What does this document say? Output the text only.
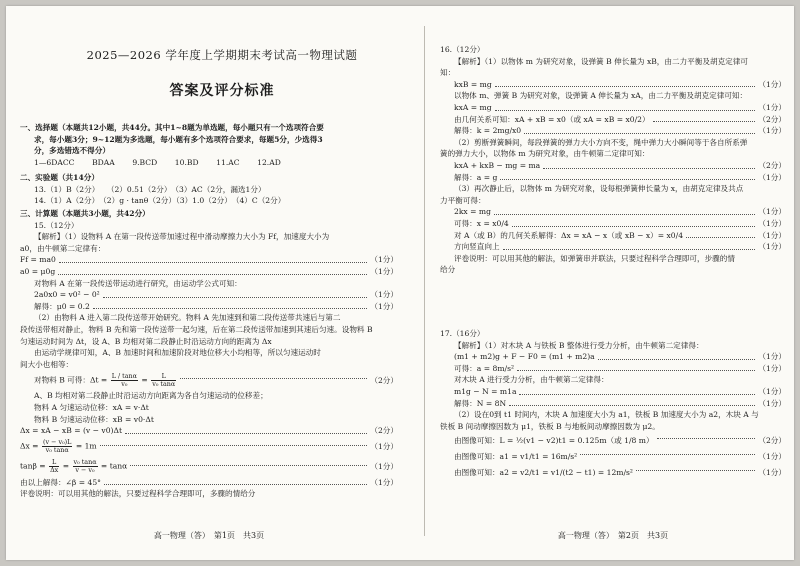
2025—2026 学年度上学期期末考试高一物理试题
答案及评分标准
一、选择题（本题共12小题，共44分。其中1~8题为单选题，每小题只有一个选项符合要
求，每小题3分；9~12题为多选题，每小题有多个选项符合要求，每题5分，少选得3
分，多选错选不得分）
1—6DACC　　 BDAA　　 9.BCD　　 10.BD　　 11.AC　　 12.AD
二、实验题（共14分）
13.（1）B（2分）　　（2）0.51（2分）　（3）AC（2分，漏选1分）
14.（1）A（2分）　（2）g · tanθ（2分）（3）1.0（2分）　（4）C（2分）
三、计算题（本题共3小题，共42分）
15.（12分）
【解析】（1）设物料 A 在第一段传送带加速过程中滑动摩擦力大小为 Ff，加速度大小为
a0，由牛顿第二定律有：
Ff = ma0	（1分）
a0 = μ0g	（1分）
对物料 A 在第一段传送带运动进行研究，由运动学公式可知：
2a0x0 = v0² − 0²	（1分）
解得：μ0 = 0.2	（1分）
（2）由物料 A 进入第二段传送带开始研究。物料 A 先加速到和第二段传送带共速后与第二
段传送带相对静止，物料 B 先和第一段传送带一起匀速，后在第二段传送带加速到其速后匀速。设物料 B
匀速运动时间为 Δt，设 A、B 均相对第二段静止时沿运动方向的距离为 Δx
由运动学规律可知，A、B 加速时间和加速阶段对地位移大小均相等，所以匀速运动时
间大小也相等：
对物料 B 可得：$\Delta t = \frac{L / \tan\alpha}{\text{v₀}} = \frac{L}{\text{v₀ tanα}}$	（2分）
A、B 均相对第二段静止时沿运动方向距离为各自匀速运动的位移差；
物料 A 匀速运动位移：xA = v·Δt
物料 B 匀速运动位移：xB = v0·Δt
Δx = xA − xB = (v − v0)Δt	（2分）
$\Delta x = \frac{\text{(v − v₀)L}}{\text{v₀ tanα}} = 1m$	（1分）
$\tan\beta = \frac{L}{\Delta x} = \frac{\text{v₀ tanα}}{\text{v − v₀}} = \tan\alpha$	（1分）
由以上解得：∠β = 45°	（1分）
评卷说明：可以用其他的解法，只要过程科学合理即可，多骤的情给分
高一物理（答）　第1页　共3页
16.（12分）
【解析】（1）以物体 m 为研究对象，设弹簧 B 伸长量为 xB，由二力平衡及胡克定律可
知：
kxB = mg	（1分）
以物体 m、弹簧 B 为研究对象，设弹簧 A 伸长量为 xA，由二力平衡及胡克定律可知：
kxA = mg	（1分）
由几何关系可知：xA + xB = x0（或 xA = xB = x0/2）	（2分）
解得：k = 2mg/x0	（1分）
（2）剪断弹簧瞬间，每段弹簧的弹力大小方向不变，绳中弹力大小瞬间等于各自所系弹
簧的弹力大小，以物体 m 为研究对象，由牛顿第二定律可知：
kxA + kxB − mg = ma	（2分）
解得：a = g	（1分）
（3）再次静止后，以物体 m 为研究对象，设每根弹簧伸长量为 x，由胡克定律及共点
力平衡可得：
2kx = mg	（1分）
可得：x = x0/4	（1分）
对 A（或 B）的几何关系解得：Δx = xA − x（或 xB − x）= x0/4	（1分）
方向竖直向上	（1分）
评卷说明：可以用其他的解法，如弹簧串并联法，只要过程科学合理即可，步骤的情
给分
17.（16分）
【解析】（1）对木块 A 与铁板 B 整体进行受力分析，由牛顿第二定律得：
(m1 + m2)g + F − F0 = (m1 + m2)a	（1分）
可得：a = 8m/s²	（1分）
对木块 A 进行受力分析，由牛顿第二定律得：
m1g − N = m1a	（1分）
解得：N = 8N	（1分）
（2）设在0到 t1 时间内，木块 A 加速度大小为 a1，铁板 B 加速度大小为 a2，木块 A 与
铁板 B 间动摩擦因数为 μ1，铁板 B 与地板间动摩擦因数为 μ2。
由图像可知：L = ½(v1 − v2)t1 = 0.125m（或 1/8 m）	（2分）
由图像可知：a1 = v1/t1 = 16m/s²	（1分）
由图像可知：a2 = v2/t1 = v1/(t2 − t1) = 12m/s²	（1分）
高一物理（答）　第2页　共3页
